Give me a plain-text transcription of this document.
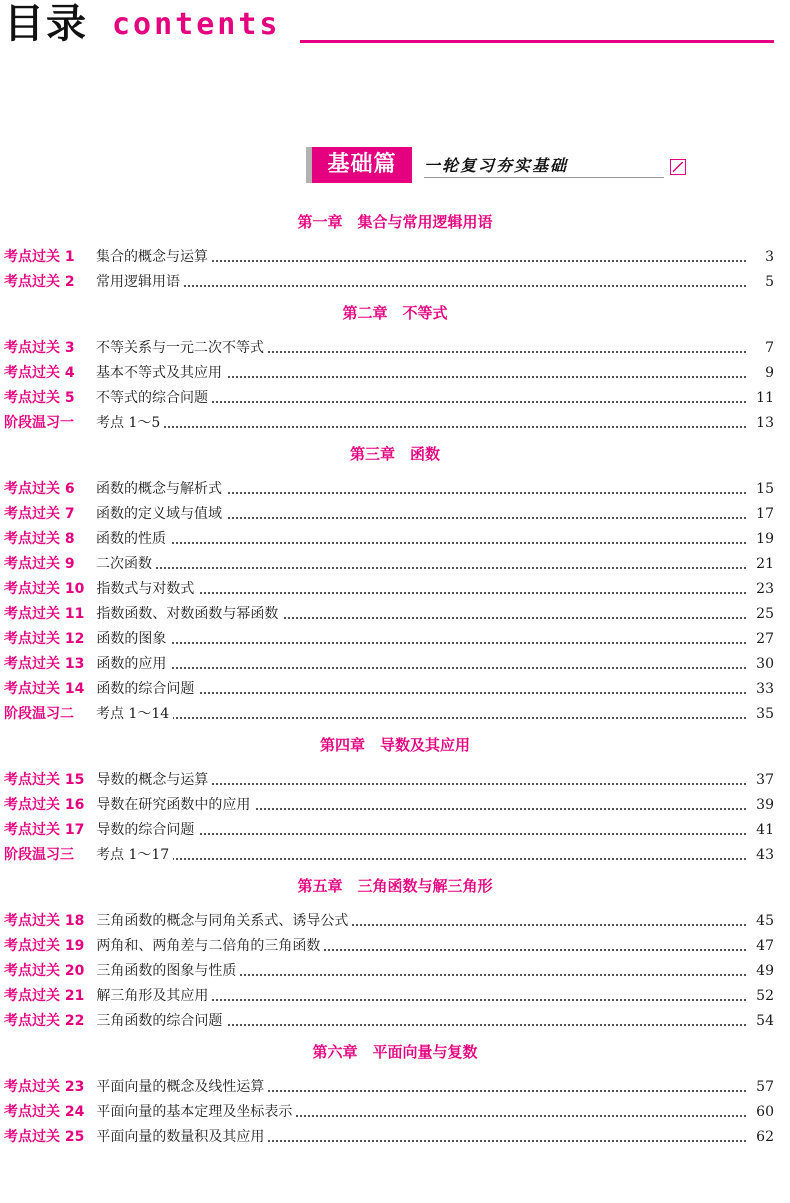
目录 contents
基础篇	一轮复习夯实基础
第一章　集合与常用逻辑用语
考点过关 1 集合的概念与运算	3
考点过关 2 常用逻辑用语	5
第二章　不等式
考点过关 3 不等关系与一元二次不等式	7
考点过关 4 基本不等式及其应用	9
考点过关 5 不等式的综合问题	11
阶段温习一 考点 1～5	13
第三章　函数
考点过关 6 函数的概念与解析式	15
考点过关 7 函数的定义域与值域	17
考点过关 8 函数的性质	19
考点过关 9 二次函数	21
考点过关 10 指数式与对数式	23
考点过关 11 指数函数、对数函数与幂函数	25
考点过关 12 函数的图象	27
考点过关 13 函数的应用	30
考点过关 14 函数的综合问题	33
阶段温习二 考点 1～14	35
第四章　导数及其应用
考点过关 15 导数的概念与运算	37
考点过关 16 导数在研究函数中的应用	39
考点过关 17 导数的综合问题	41
阶段温习三 考点 1～17	43
第五章　三角函数与解三角形
考点过关 18 三角函数的概念与同角关系式、诱导公式	45
考点过关 19 两角和、两角差与二倍角的三角函数	47
考点过关 20 三角函数的图象与性质	49
考点过关 21 解三角形及其应用	52
考点过关 22 三角函数的综合问题	54
第六章　平面向量与复数
考点过关 23 平面向量的概念及线性运算	57
考点过关 24 平面向量的基本定理及坐标表示	60
考点过关 25 平面向量的数量积及其应用	62
